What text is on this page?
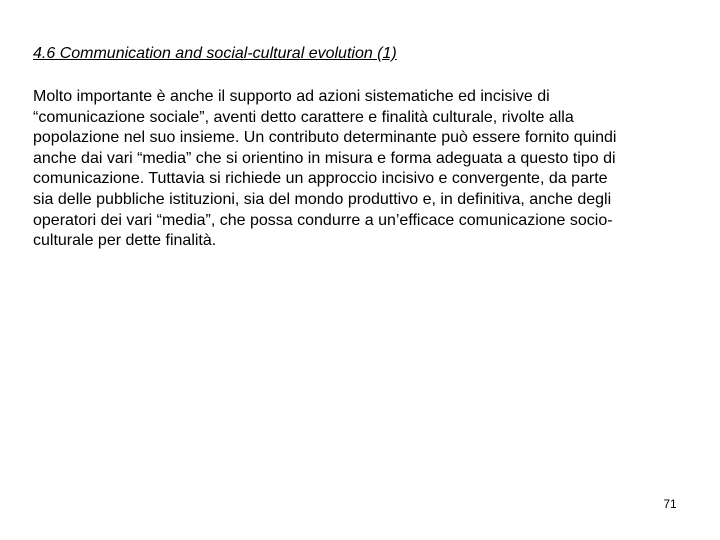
4.6 Communication and social-cultural evolution (1)

Molto importante è anche il supporto ad azioni sistematiche ed incisive di
“comunicazione sociale”, aventi detto carattere e finalità culturale, rivolte alla
popolazione nel suo insieme. Un contributo determinante può essere fornito quindi
anche dai vari “media” che si orientino in misura e forma adeguata a questo tipo di
comunicazione. Tuttavia si richiede un approccio incisivo e convergente, da parte
sia delle pubbliche istituzioni, sia del mondo produttivo e, in definitiva, anche degli
operatori dei vari “media”, che possa condurre a un’efficace comunicazione socio-
culturale per dette finalità.

71
